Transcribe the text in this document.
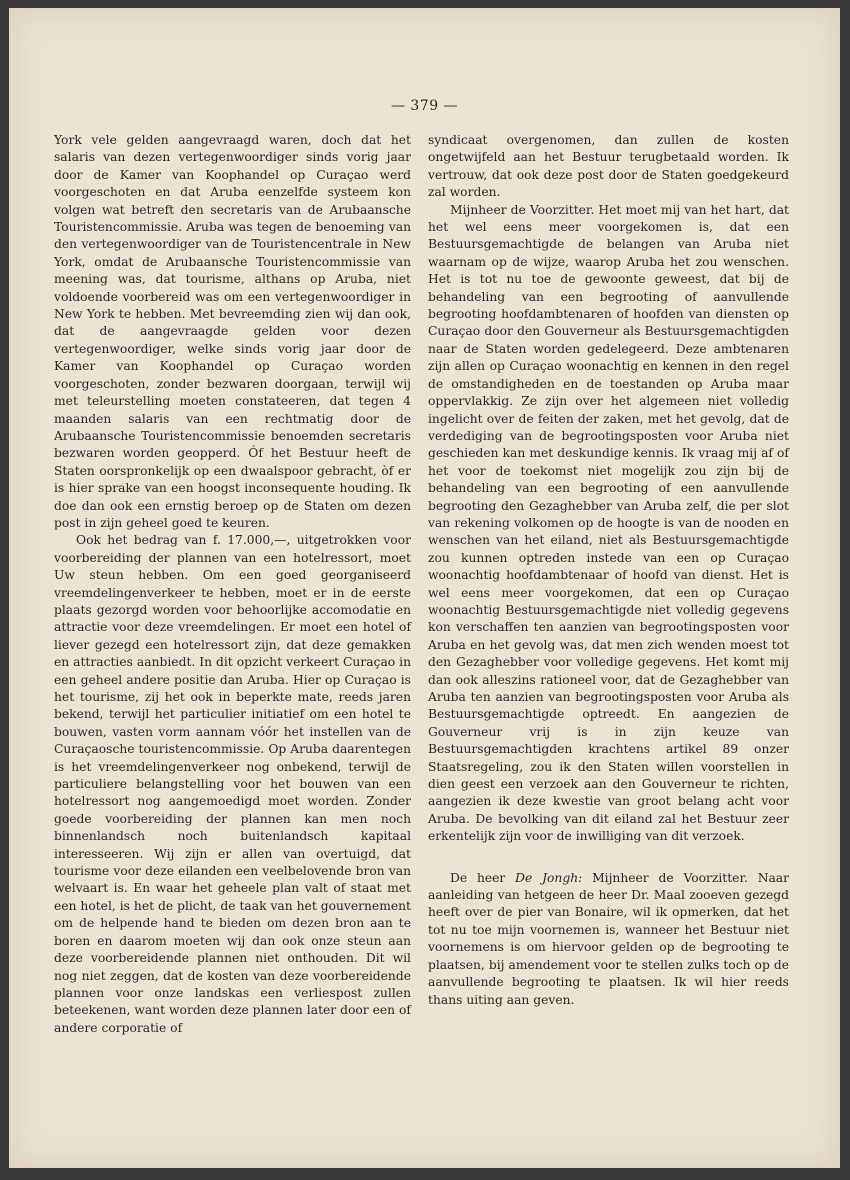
— 379 —

York vele gelden aangevraagd waren, doch dat het salaris van dezen vertegenwoordiger sinds vorig jaar door de Kamer van Koophandel op Curaçao werd voorgeschoten en dat Aruba eenzelfde systeem kon volgen wat betreft den secretaris van de Arubaansche Touristencommissie. Aruba was tegen de benoeming van den vertegenwoordiger van de Touristencentrale in New York, omdat de Arubaansche Touristencommissie van meening was, dat tourisme, althans op Aruba, niet voldoende voorbereid was om een vertegenwoordiger in New York te hebben. Met bevreemding zien wij dan ook, dat de aangevraagde gelden voor dezen vertegenwoordiger, welke sinds vorig jaar door de Kamer van Koophandel op Curaçao worden voorgeschoten, zonder bezwaren doorgaan, terwijl wij met teleurstelling moeten constateeren, dat tegen 4 maanden salaris van een rechtmatig door de Arubaansche Touristencommissie benoemden secretaris bezwaren worden geopperd. Óf het Bestuur heeft de Staten oorspronkelijk op een dwaalspoor gebracht, òf er is hier sprake van een hoogst inconsequente houding. Ik doe dan ook een ernstig beroep op de Staten om dezen post in zijn geheel goed te keuren.

Ook het bedrag van f. 17.000,—, uitgetrokken voor voorbereiding der plannen van een hotelressort, moet Uw steun hebben. Om een goed georganiseerd vreemdelingenverkeer te hebben, moet er in de eerste plaats gezorgd worden voor behoorlijke accomodatie en attractie voor deze vreemdelingen. Er moet een hotel of liever gezegd een hotelressort zijn, dat deze gemakken en attracties aanbiedt. In dit opzicht verkeert Curaçao in een geheel andere positie dan Aruba. Hier op Curaçao is het tourisme, zij het ook in beperkte mate, reeds jaren bekend, terwijl het particulier initiatief om een hotel te bouwen, vasten vorm aannam vóór het instellen van de Curaçaosche touristencommissie. Op Aruba daarentegen is het vreemdelingenverkeer nog onbekend, terwijl de particuliere belangstelling voor het bouwen van een hotelressort nog aangemoedigd moet worden. Zonder goede voorbereiding der plannen kan men noch binnenlandsch noch buitenlandsch kapitaal interesseeren. Wij zijn er allen van overtuigd, dat tourisme voor deze eilanden een veelbelovende bron van welvaart is. En waar het geheele plan valt of staat met een hotel, is het de plicht, de taak van het gouvernement om de helpende hand te bieden om dezen bron aan te boren en daarom moeten wij dan ook onze steun aan deze voorbereidende plannen niet onthouden. Dit wil nog niet zeggen, dat de kosten van deze voorbereidende plannen voor onze landskas een verliespost zullen beteekenen, want worden deze plannen later door een of andere corporatie of

syndicaat overgenomen, dan zullen de kosten ongetwijfeld aan het Bestuur terugbetaald worden. Ik vertrouw, dat ook deze post door de Staten goedgekeurd zal worden.

Mijnheer de Voorzitter. Het moet mij van het hart, dat het wel eens meer voorgekomen is, dat een Bestuursgemachtigde de belangen van Aruba niet waarnam op de wijze, waarop Aruba het zou wenschen. Het is tot nu toe de gewoonte geweest, dat bij de behandeling van een begrooting of aanvullende begrooting hoofdambtenaren of hoofden van diensten op Curaçao door den Gouverneur als Bestuursgemachtigden naar de Staten worden gedelegeerd. Deze ambtenaren zijn allen op Curaçao woonachtig en kennen in den regel de omstandigheden en de toestanden op Aruba maar oppervlakkig. Ze zijn over het algemeen niet volledig ingelicht over de feiten der zaken, met het gevolg, dat de verdediging van de begrootingsposten voor Aruba niet geschieden kan met deskundige kennis. Ik vraag mij af of het voor de toekomst niet mogelijk zou zijn bij de behandeling van een begrooting of een aanvullende begrooting den Gezaghebber van Aruba zelf, die per slot van rekening volkomen op de hoogte is van de nooden en wenschen van het eiland, niet als Bestuursgemachtigde zou kunnen optreden instede van een op Curaçao woonachtig hoofdambtenaar of hoofd van dienst. Het is wel eens meer voorgekomen, dat een op Curaçao woonachtig Bestuursgemachtigde niet volledig gegevens kon verschaffen ten aanzien van begrootingsposten voor Aruba en het gevolg was, dat men zich wenden moest tot den Gezaghebber voor volledige gegevens. Het komt mij dan ook alleszins rationeel voor, dat de Gezaghebber van Aruba ten aanzien van begrootingsposten voor Aruba als Bestuursgemachtigde optreedt. En aangezien de Gouverneur vrij is in zijn keuze van Bestuursgemachtigden krachtens artikel 89 onzer Staatsregeling, zou ik den Staten willen voorstellen in dien geest een verzoek aan den Gouverneur te richten, aangezien ik deze kwestie van groot belang acht voor Aruba. De bevolking van dit eiland zal het Bestuur zeer erkentelijk zijn voor de inwilliging van dit verzoek.

De heer De Jongh: Mijnheer de Voorzitter. Naar aanleiding van hetgeen de heer Dr. Maal zooeven gezegd heeft over de pier van Bonaire, wil ik opmerken, dat het tot nu toe mijn voornemen is, wanneer het Bestuur niet voornemens is om hiervoor gelden op de begrooting te plaatsen, bij amendement voor te stellen zulks toch op de aanvullende begrooting te plaatsen. Ik wil hier reeds thans uiting aan geven.
